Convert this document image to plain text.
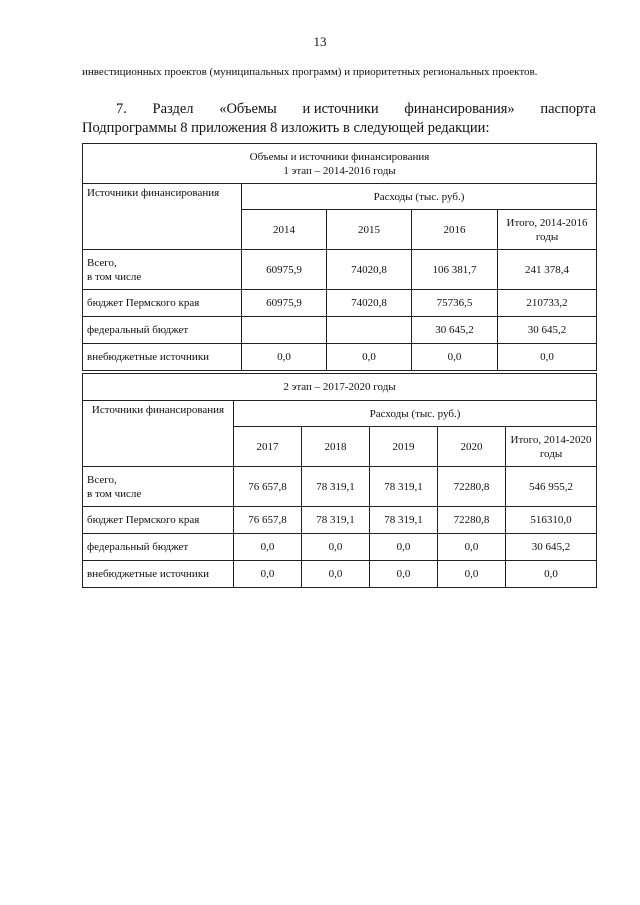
13
инвестиционных проектов (муниципальных программ) и приоритетных региональных проектов.
7. Раздел «Объемы и источники финансирования» паспорта
Подпрограммы 8 приложения 8 изложить в следующей редакции:
Объемы и источники финансирования
1 этап – 2014-2016 годы				

Источники финансирования	Расходы (тыс. руб.)			
	2014	2015	2016	Итого, 2014-2016 годы
Всего,
в том числе	60975,9	74020,8	106 381,7	241 378,4
бюджет Пермского края	60975,9	74020,8	75736,5	210733,2
федеральный бюджет			30 645,2	30 645,2
внебюджетные источники	0,0	0,0	0,0	0,0
2 этап – 2017-2020 годы					
Источники финансирования	Расходы (тыс. руб.)				
	2017	2018	2019	2020	Итого, 2014-2020 годы
Всего,
в том числе	76 657,8	78 319,1	78 319,1	72280,8	546 955,2
бюджет Пермского края	76 657,8	78 319,1	78 319,1	72280,8	516310,0
федеральный бюджет	0,0	0,0	0,0	0,0	30 645,2
внебюджетные источники	0,0	0,0	0,0	0,0	0,0
